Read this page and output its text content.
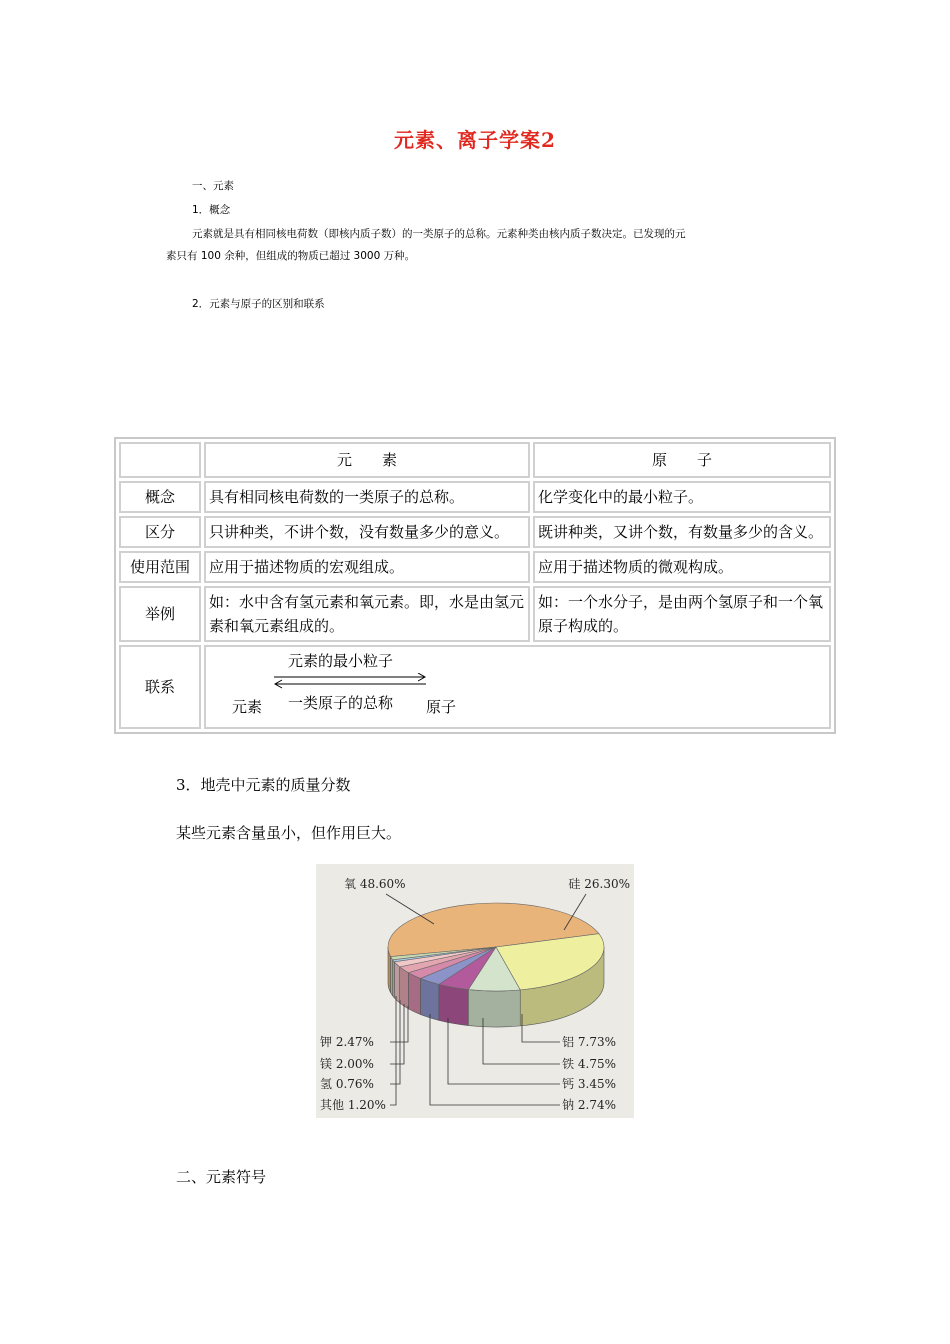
元素、离子学案2
一、元素
1．概念
元素就是具有相同核电荷数（即核内质子数）的一类原子的总称。元素种类由核内质子数决定。已发现的元
素只有 100 余种，但组成的物质已超过 3000 万种。
2．元素与原子的区别和联系
	元　　素	原　　子
概念	具有相同核电荷数的一类原子的总称。	化学变化中的最小粒子。
区分	只讲种类，不讲个数，没有数量多少的意义。	既讲种类，又讲个数，有数量多少的含义。
使用范围	应用于描述物质的宏观组成。	应用于描述物质的微观构成。
举例	如：水中含有氢元素和氧元素。即，水是由氢元素和氧元素组成的。	如：一个水分子，是由两个氢原子和一个氧原子构成的。
联系	元素的最小粒子
元素 一类原子的总称 原子	
3．地壳中元素的质量分数
某些元素含量虽小，但作用巨大。
氧 48.60%	硅 26.30%
铝 7.73%
铁 4.75%
钙 3.45%
钠 2.74%
钾 2.47%
镁 2.00%
氢 0.76%
其他 1.20%
二、元素符号
